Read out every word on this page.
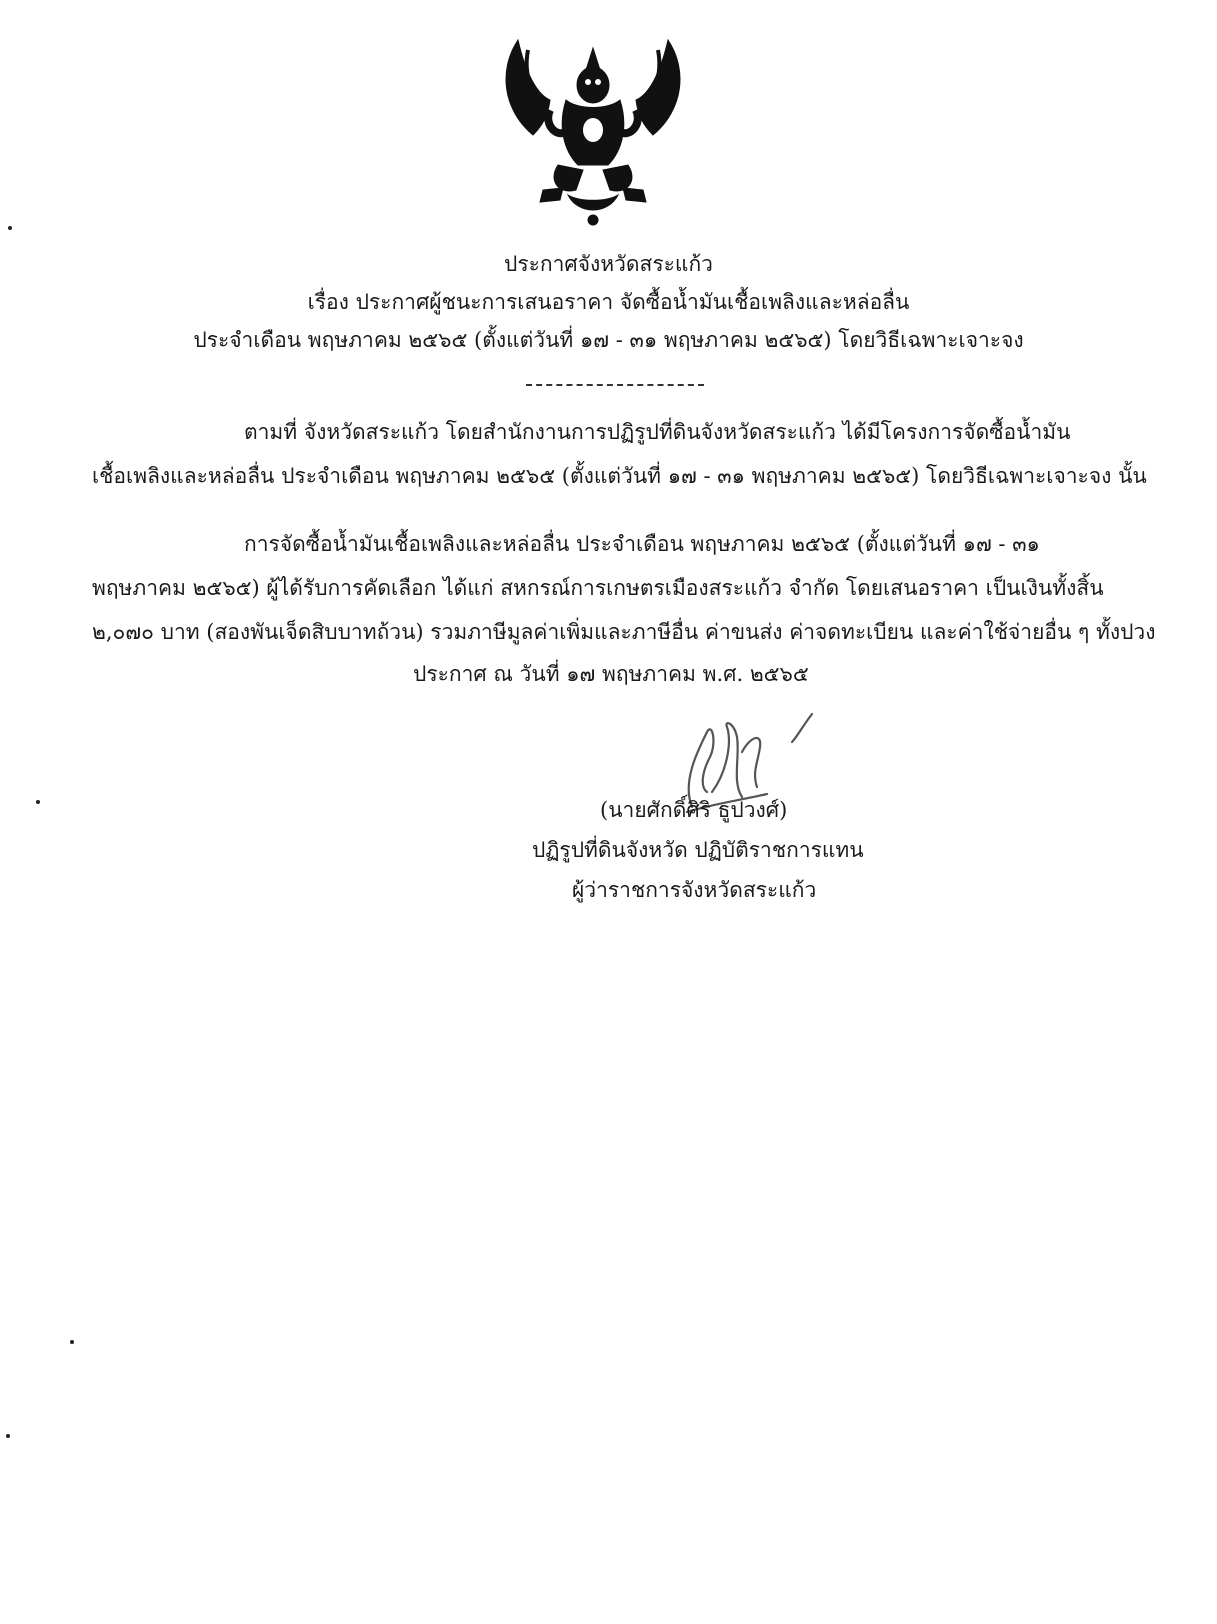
ประกาศจังหวัดสระแก้ว
เรื่อง ประกาศผู้ชนะการเสนอราคา จัดซื้อน้ำมันเชื้อเพลิงและหล่อลื่น
ประจำเดือน พฤษภาคม ๒๕๖๕ (ตั้งแต่วันที่ ๑๗ - ๓๑ พฤษภาคม ๒๕๖๕) โดยวิธีเฉพาะเจาะจง

ตามที่ จังหวัดสระแก้ว โดยสำนักงานการปฏิรูปที่ดินจังหวัดสระแก้ว ได้มีโครงการจัดซื้อน้ำมัน

เชื้อเพลิงและหล่อลื่น ประจำเดือน พฤษภาคม ๒๕๖๕ (ตั้งแต่วันที่ ๑๗ - ๓๑ พฤษภาคม ๒๕๖๕) โดยวิธีเฉพาะเจาะจง นั้น

การจัดซื้อน้ำมันเชื้อเพลิงและหล่อลื่น ประจำเดือน พฤษภาคม ๒๕๖๕ (ตั้งแต่วันที่ ๑๗ - ๓๑

พฤษภาคม ๒๕๖๕) ผู้ได้รับการคัดเลือก ได้แก่ สหกรณ์การเกษตรเมืองสระแก้ว จำกัด โดยเสนอราคา เป็นเงินทั้งสิ้น

๒,๐๗๐ บาท (สองพันเจ็ดสิบบาทถ้วน) รวมภาษีมูลค่าเพิ่มและภาษีอื่น ค่าขนส่ง ค่าจดทะเบียน และค่าใช้จ่ายอื่น ๆ ทั้งปวง

ประกาศ ณ วันที่ ๑๗ พฤษภาคม พ.ศ. ๒๕๖๕
(นายศักดิ์ศิริ ธูปวงศ์)
ปฏิรูปที่ดินจังหวัด ปฏิบัติราชการแทน
ผู้ว่าราชการจังหวัดสระแก้ว
